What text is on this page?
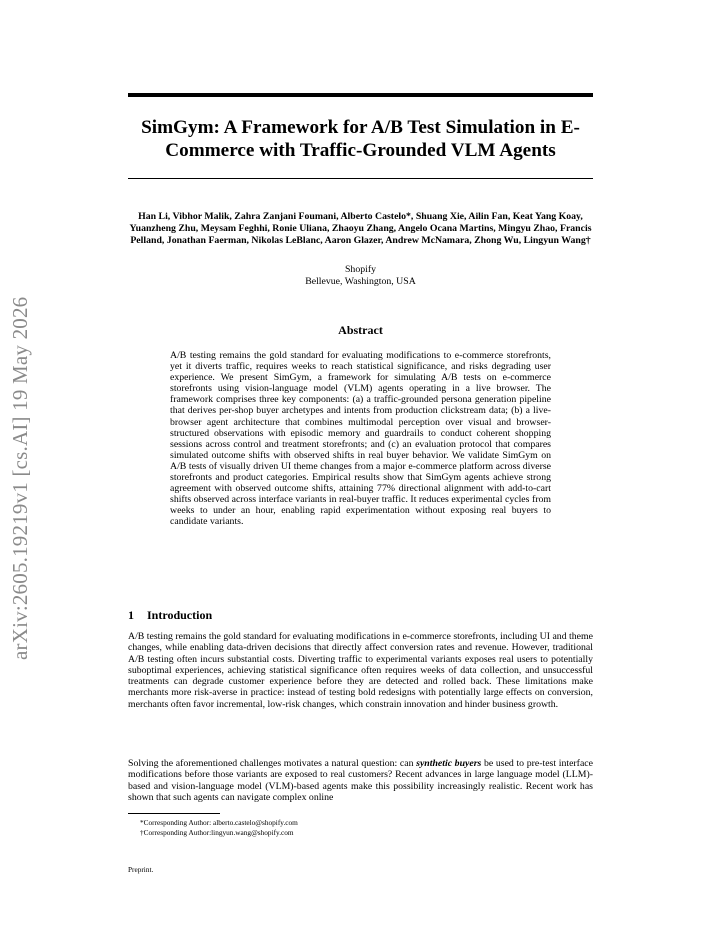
SimGym: A Framework for A/B Test Simulation in E-Commerce with Traffic-Grounded VLM Agents
Han Li, Vibhor Malik, Zahra Zanjani Foumani, Alberto Castelo*, Shuang Xie, Ailin Fan, Keat Yang Koay, Yuanzheng Zhu, Meysam Feghhi, Ronie Uliana, Zhaoyu Zhang, Angelo Ocana Martins, Mingyu Zhao, Francis Pelland, Jonathan Faerman, Nikolas LeBlanc, Aaron Glazer, Andrew McNamara, Zhong Wu, Lingyun Wang†
Shopify
Bellevue, Washington, USA
arXiv:2605.19219v1 [cs.AI] 19 May 2026	Abstract
A/B testing remains the gold standard for evaluating modifications to e-commerce storefronts, yet it diverts traffic, requires weeks to reach statistical significance, and risks degrading user experience. We present SimGym, a framework for simulating A/B tests on e-commerce storefronts using vision-language model (VLM) agents operating in a live browser. The framework comprises three key components: (a) a traffic-grounded persona generation pipeline that derives per-shop buyer archetypes and intents from production clickstream data; (b) a live-browser agent architecture that combines multimodal perception over visual and browser-structured observations with episodic memory and guardrails to conduct coherent shopping sessions across control and treatment storefronts; and (c) an evaluation protocol that compares simulated outcome shifts with observed shifts in real buyer behavior. We validate SimGym on A/B tests of visually driven UI theme changes from a major e-commerce platform across diverse storefronts and product categories. Empirical results show that SimGym agents achieve strong agreement with observed outcome shifts, attaining 77% directional alignment with add-to-cart shifts observed across interface variants in real-buyer traffic. It reduces experimental cycles from weeks to under an hour, enabling rapid experimentation without exposing real buyers to candidate variants.
1 Introduction
A/B testing remains the gold standard for evaluating modifications in e-commerce storefronts, including UI and theme changes, while enabling data-driven decisions that directly affect conversion rates and revenue. However, traditional A/B testing often incurs substantial costs. Diverting traffic to experimental variants exposes real users to potentially suboptimal experiences, achieving statistical significance often requires weeks of data collection, and unsuccessful treatments can degrade customer experience before they are detected and rolled back. These limitations make merchants more risk-averse in practice: instead of testing bold redesigns with potentially large effects on conversion, merchants often favor incremental, low-risk changes, which constrain innovation and hinder business growth.
Solving the aforementioned challenges motivates a natural question: can synthetic buyers be used to pre-test interface modifications before those variants are exposed to real customers? Recent advances in large language model (LLM)-based and vision-language model (VLM)-based agents make this possibility increasingly realistic. Recent work has shown that such agents can navigate complex online
*Corresponding Author: alberto.castelo@shopify.com
†Corresponding Author:lingyun.wang@shopify.com
Preprint.
